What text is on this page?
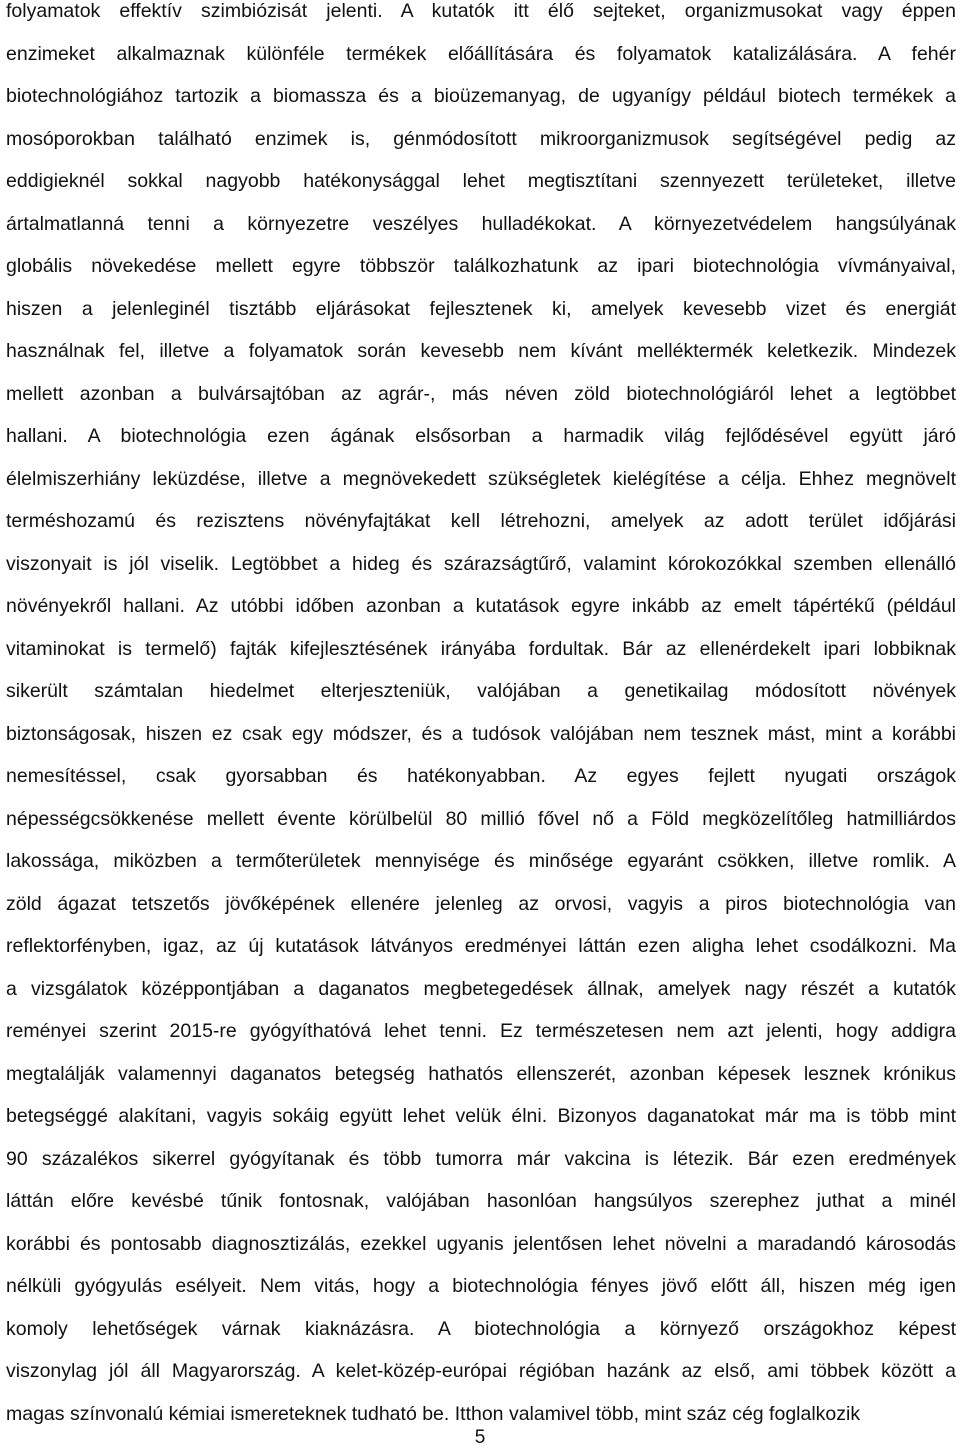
folyamatok effektív szimbiózisát jelenti. A kutatók itt élő sejteket, organizmusokat vagy éppen
enzimeket alkalmaznak különféle termékek előállítására és folyamatok katalizálására. A fehér
biotechnológiához tartozik a biomassza és a bioüzemanyag, de ugyanígy például biotech termékek a
mosóporokban található enzimek is, génmódosított mikroorganizmusok segítségével pedig az
eddigieknél sokkal nagyobb hatékonysággal lehet megtisztítani szennyezett területeket, illetve
ártalmatlanná tenni a környezetre veszélyes hulladékokat. A környezetvédelem hangsúlyának
globális növekedése mellett egyre többször találkozhatunk az ipari biotechnológia vívmányaival,
hiszen a jelenleginél tisztább eljárásokat fejlesztenek ki, amelyek kevesebb vizet és energiát
használnak fel, illetve a folyamatok során kevesebb nem kívánt melléktermék keletkezik. Mindezek
mellett azonban a bulvársajtóban az agrár-, más néven zöld biotechnológiáról lehet a legtöbbet
hallani. A biotechnológia ezen ágának elsősorban a harmadik világ fejlődésével együtt járó
élelmiszerhiány leküzdése, illetve a megnövekedett szükségletek kielégítése a célja. Ehhez megnövelt
terméshozamú és rezisztens növényfajtákat kell létrehozni, amelyek az adott terület időjárási
viszonyait is jól viselik. Legtöbbet a hideg és szárazságtűrő, valamint kórokozókkal szemben ellenálló
növényekről hallani. Az utóbbi időben azonban a kutatások egyre inkább az emelt tápértékű (például
vitaminokat is termelő) fajták kifejlesztésének irányába fordultak. Bár az ellenérdekelt ipari lobbiknak
sikerült számtalan hiedelmet elterjeszteniük, valójában a genetikailag módosított növények
biztonságosak, hiszen ez csak egy módszer, és a tudósok valójában nem tesznek mást, mint a korábbi
nemesítéssel, csak gyorsabban és hatékonyabban. Az egyes fejlett nyugati országok
népességcsökkenése mellett évente körülbelül 80 millió fővel nő a Föld megközelítőleg hatmilliárdos
lakossága, miközben a termőterületek mennyisége és minősége egyaránt csökken, illetve romlik. A
zöld ágazat tetszetős jövőképének ellenére jelenleg az orvosi, vagyis a piros biotechnológia van
reflektorfényben, igaz, az új kutatások látványos eredményei láttán ezen aligha lehet csodálkozni. Ma
a vizsgálatok középpontjában a daganatos megbetegedések állnak, amelyek nagy részét a kutatók
reményei szerint 2015-re gyógyíthatóvá lehet tenni. Ez természetesen nem azt jelenti, hogy addigra
megtalálják valamennyi daganatos betegség hathatós ellenszerét, azonban képesek lesznek krónikus
betegséggé alakítani, vagyis sokáig együtt lehet velük élni. Bizonyos daganatokat már ma is több mint
90 százalékos sikerrel gyógyítanak és több tumorra már vakcina is létezik. Bár ezen eredmények
láttán előre kevésbé tűnik fontosnak, valójában hasonlóan hangsúlyos szerephez juthat a minél
korábbi és pontosabb diagnosztizálás, ezekkel ugyanis jelentősen lehet növelni a maradandó károsodás
nélküli gyógyulás esélyeit. Nem vitás, hogy a biotechnológia fényes jövő előtt áll, hiszen még igen
komoly lehetőségek várnak kiaknázásra. A biotechnológia a környező országokhoz képest
viszonylag jól áll Magyarország. A kelet-közép-európai régióban hazánk az első, ami többek között a
magas színvonalú kémiai ismereteknek tudható be. Itthon valamivel több, mint száz cég foglalkozik
5
